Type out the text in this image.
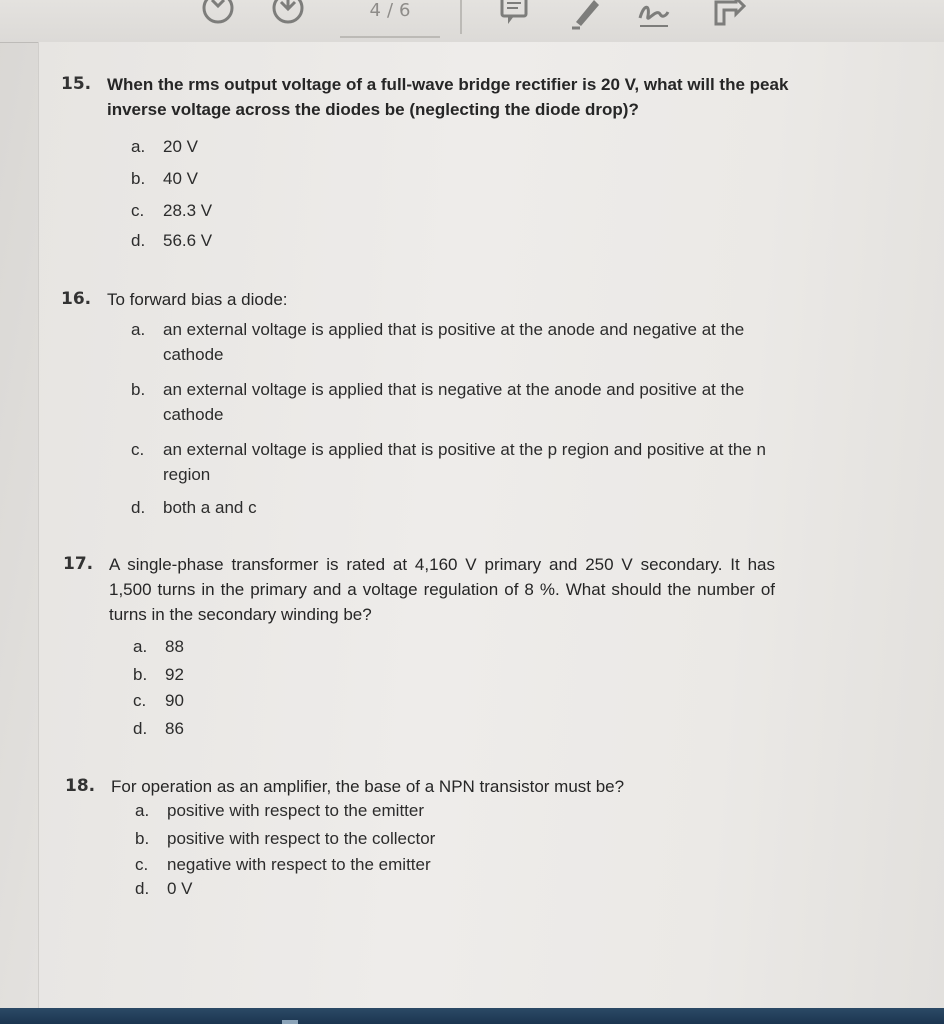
4 / 6
15. When the rms output voltage of a full-wave bridge rectifier is 20 V, what will the peak inverse voltage across the diodes be (neglecting the diode drop)?
a. 20 V
b. 40 V
c. 28.3 V
d. 56.6 V
16. To forward bias a diode:
a. an external voltage is applied that is positive at the anode and negative at the cathode
b. an external voltage is applied that is negative at the anode and positive at the cathode
c. an external voltage is applied that is positive at the p region and positive at the n region
d. both a and c
17. A single-phase transformer is rated at 4,160 V primary and 250 V secondary. It has 1,500 turns in the primary and a voltage regulation of 8 %. What should the number of turns in the secondary winding be?
a. 88
b. 92
c. 90
d. 86
18. For operation as an amplifier, the base of a NPN transistor must be?
a. positive with respect to the emitter
b. positive with respect to the collector
c. negative with respect to the emitter
d. 0 V
